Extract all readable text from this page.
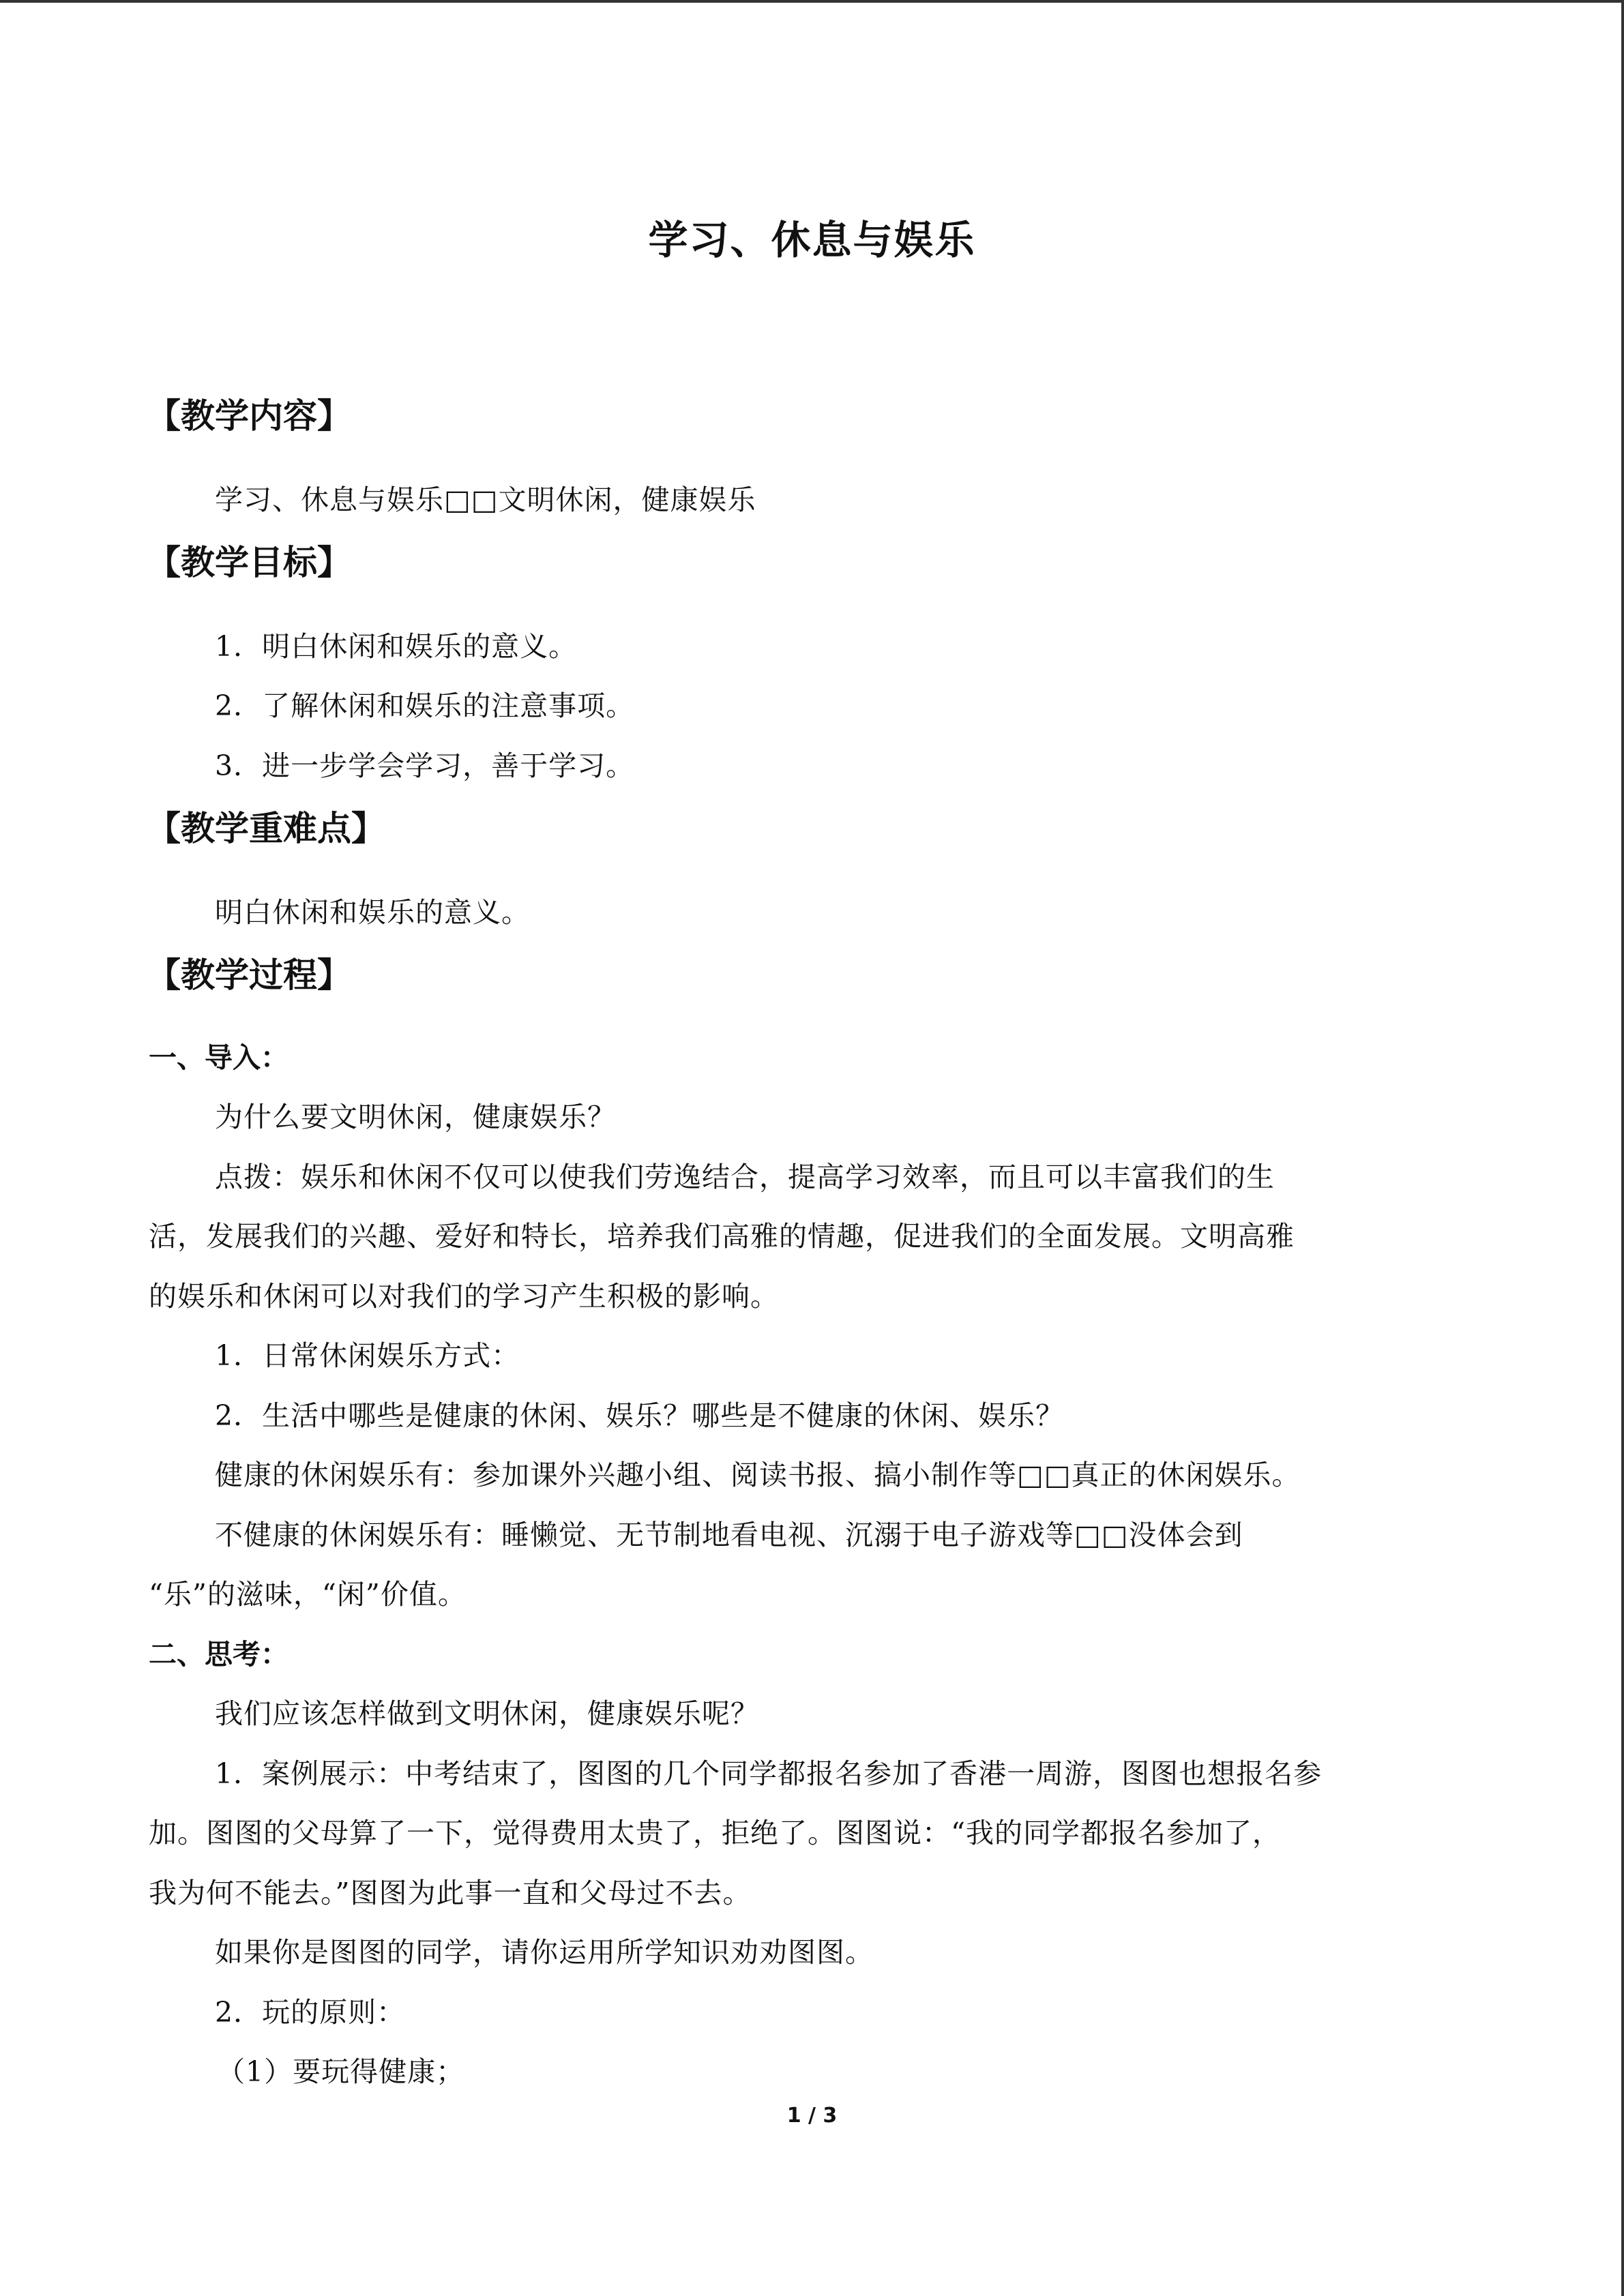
学习、休息与娱乐
【教学内容】
学习、休息与娱乐□□文明休闲，健康娱乐
【教学目标】
1．明白休闲和娱乐的意义。
2．了解休闲和娱乐的注意事项。
3．进一步学会学习，善于学习。
【教学重难点】
明白休闲和娱乐的意义。
【教学过程】
一、导入：
为什么要文明休闲，健康娱乐？
点拨：娱乐和休闲不仅可以使我们劳逸结合，提高学习效率，而且可以丰富我们的生
活，发展我们的兴趣、爱好和特长，培养我们高雅的情趣，促进我们的全面发展。文明高雅
的娱乐和休闲可以对我们的学习产生积极的影响。
1．日常休闲娱乐方式：
2．生活中哪些是健康的休闲、娱乐？哪些是不健康的休闲、娱乐？
健康的休闲娱乐有：参加课外兴趣小组、阅读书报、搞小制作等□□真正的休闲娱乐。
不健康的休闲娱乐有：睡懒觉、无节制地看电视、沉溺于电子游戏等□□没体会到
“乐”的滋味，“闲”价值。
二、思考：
我们应该怎样做到文明休闲，健康娱乐呢？
1．案例展示：中考结束了，图图的几个同学都报名参加了香港一周游，图图也想报名参
加。图图的父母算了一下，觉得费用太贵了，拒绝了。图图说：“我的同学都报名参加了，
我为何不能去。”图图为此事一直和父母过不去。
如果你是图图的同学，请你运用所学知识劝劝图图。
2．玩的原则：
（1）要玩得健康；
1 / 3
